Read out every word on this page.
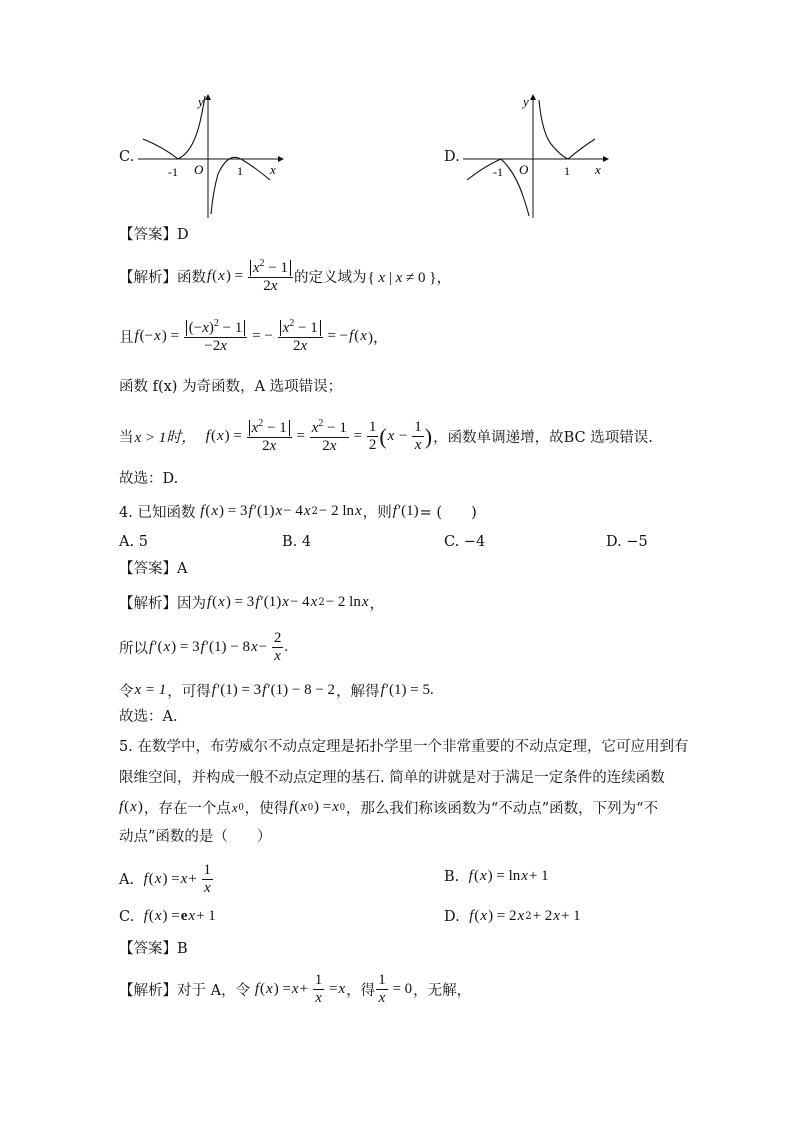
C.
y
x
O
-1	1
D.
y
x
O
-1	1
【答案】D
【解析】函数 f ( x ) = $\frac{x^2 - 1}{2x}$ 的定义域为 { x | x ≠ 0 }，
且 f (− x ) = $\frac{(-x)^2 - 1}{-2x}$ = − $\frac{x^2 - 1}{2x}$ = − f ( x )，
函数 f(x) 为奇函数，A 选项错误；
当 x > 1时，
f ( x ) = $\frac{x^2 - 1}{2x} = \frac{x^2 - 1}{2x} = \frac{1}{2}$ ( $x - \frac{1}{x}$ ) ，函数单调递增，故BC 选项错误.
故选：D.
4. 已知函数 f ( x ) = 3 f ′(1) x − 4 x 2 − 2 ln x ，则 f ′(1) = (　　)
A. 5	B. 4	C. −4	D. −5
【答案】A
【解析】因为 f ( x ) = 3 f ′(1) x − 4 x 2 − 2 ln x ，
所以 f ′( x ) = 3 f ′(1) − 8 $x - \frac{2}{x}$ .
令 x = 1 ，可得 f ′(1) = 3 f ′(1) − 8 − 2 ，解得 f ′(1) = 5.
故选：A.
5. 在数学中，布劳威尔不动点定理是拓扑学里一个非常重要的不动点定理，它可应用到有
限维空间，并构成一般不动点定理的基石. 简单的讲就是对于满足一定条件的连续函数
f ( x ) ，存在一个点 x 0 ，使得 f ( x 0 ) = x 0 ，那么我们称该函数为“不动点”函数，下列为“不
动点”函数的是（　　）
A.
f ( x ) = $x + \frac{1}{x}$	B.
f ( x ) = ln x + 1
C.
f ( x ) = e x + 1	D.
f ( x ) = 2 x 2 + 2 x + 1
【答案】B
【解析】对于 A，令 f ( x ) = $x + \frac{1}{x} = x$ ，得 $\frac{1}{x} = 0$ ，无解，
